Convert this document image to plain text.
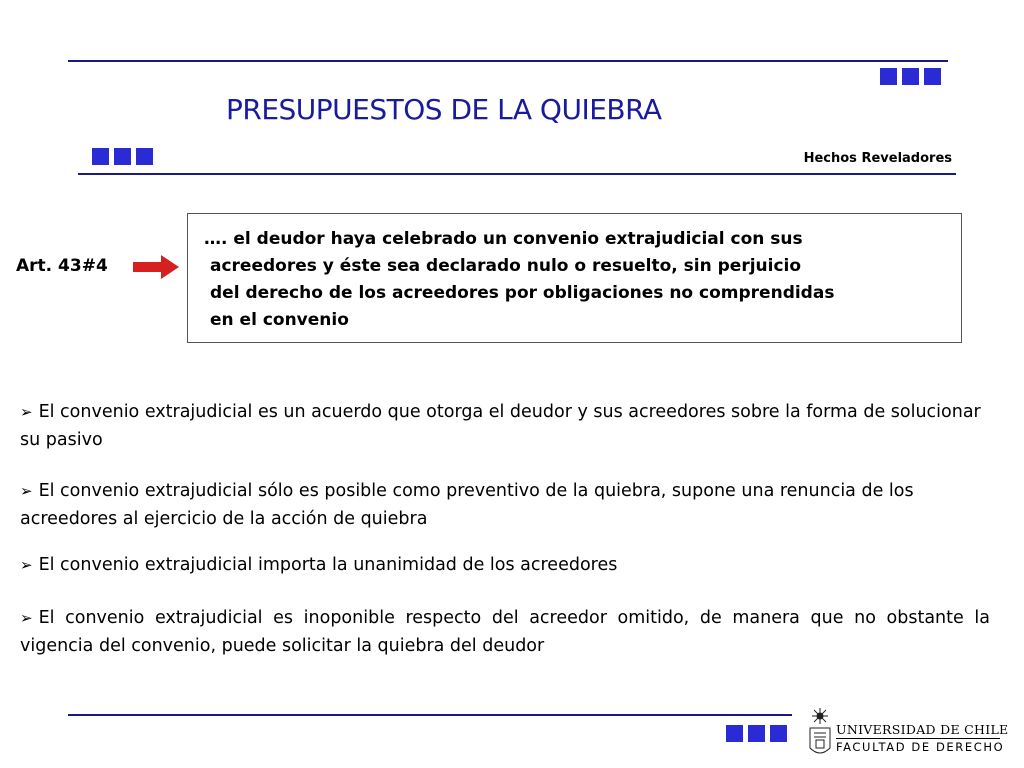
PRESUPUESTOS DE LA QUIEBRA
Hechos Reveladores
Art. 43#4

…. el deudor haya celebrado un convenio extrajudicial con sus
acreedores y éste sea declarado nulo o resuelto, sin perjuicio
del derecho de los acreedores por obligaciones no comprendidas
en el convenio

➢ El convenio extrajudicial es un acuerdo que otorga el deudor y sus acreedores sobre la forma de solucionar su pasivo

➢ El convenio extrajudicial sólo es posible como preventivo de la quiebra, supone una renuncia de los acreedores al ejercicio de la acción de quiebra

➢ El convenio extrajudicial importa la unanimidad de los acreedores

➢ El convenio extrajudicial es inoponible respecto del acreedor omitido, de manera que no obstante la vigencia del convenio, puede solicitar la quiebra del deudor

UNIVERSIDAD DE CHILE
FACULTAD DE DERECHO
